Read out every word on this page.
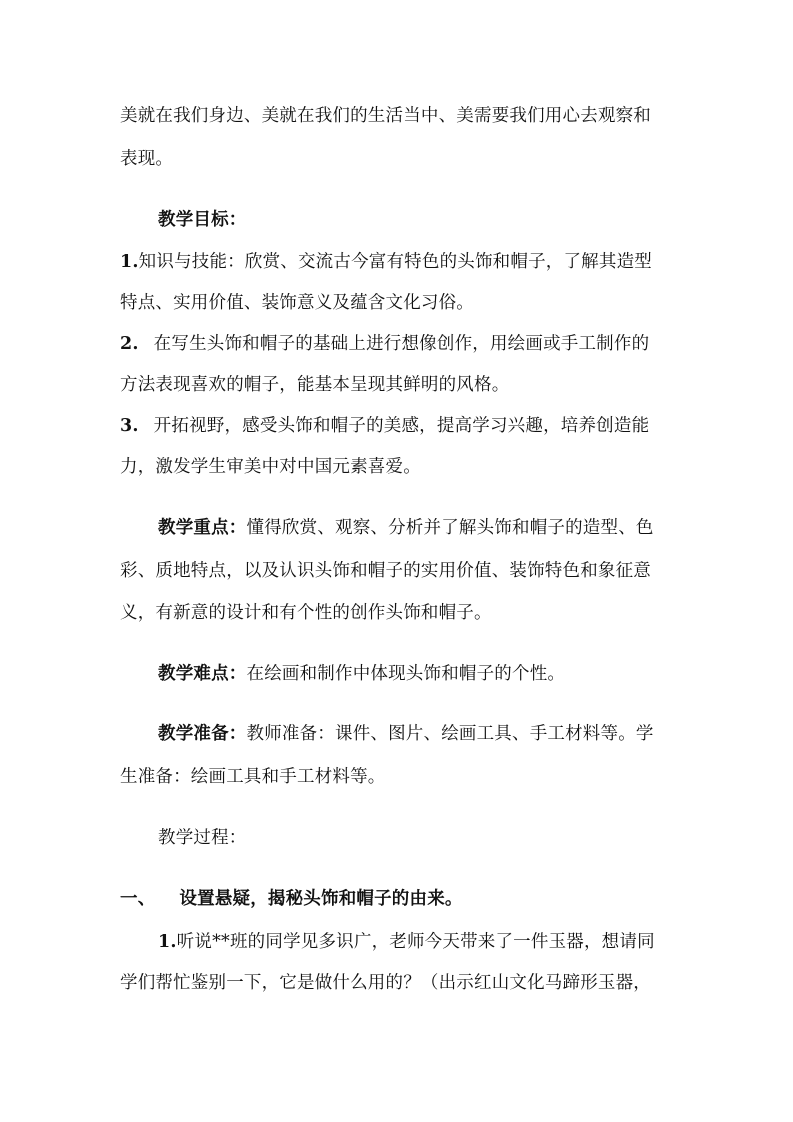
美就在我们身边、美就在我们的生活当中、美需要我们用心去观察和
表现。
教学目标：
1.知识与技能：欣赏、交流古今富有特色的头饰和帽子，了解其造型
特点、实用价值、装饰意义及蕴含文化习俗。
2. 在写生头饰和帽子的基础上进行想像创作，用绘画或手工制作的
方法表现喜欢的帽子，能基本呈现其鲜明的风格。
3. 开拓视野，感受头饰和帽子的美感，提高学习兴趣，培养创造能
力，激发学生审美中对中国元素喜爱。
教学重点：懂得欣赏、观察、分析并了解头饰和帽子的造型、色
彩、质地特点，以及认识头饰和帽子的实用价值、装饰特色和象征意
义，有新意的设计和有个性的创作头饰和帽子。
教学难点：在绘画和制作中体现头饰和帽子的个性。
教学准备：教师准备：课件、图片、绘画工具、手工材料等。学
生准备：绘画工具和手工材料等。
教学过程：
一、 设置悬疑，揭秘头饰和帽子的由来。
1.听说**班的同学见多识广，老师今天带来了一件玉器，想请同
学们帮忙鉴别一下，它是做什么用的？（出示红山文化马蹄形玉器，
